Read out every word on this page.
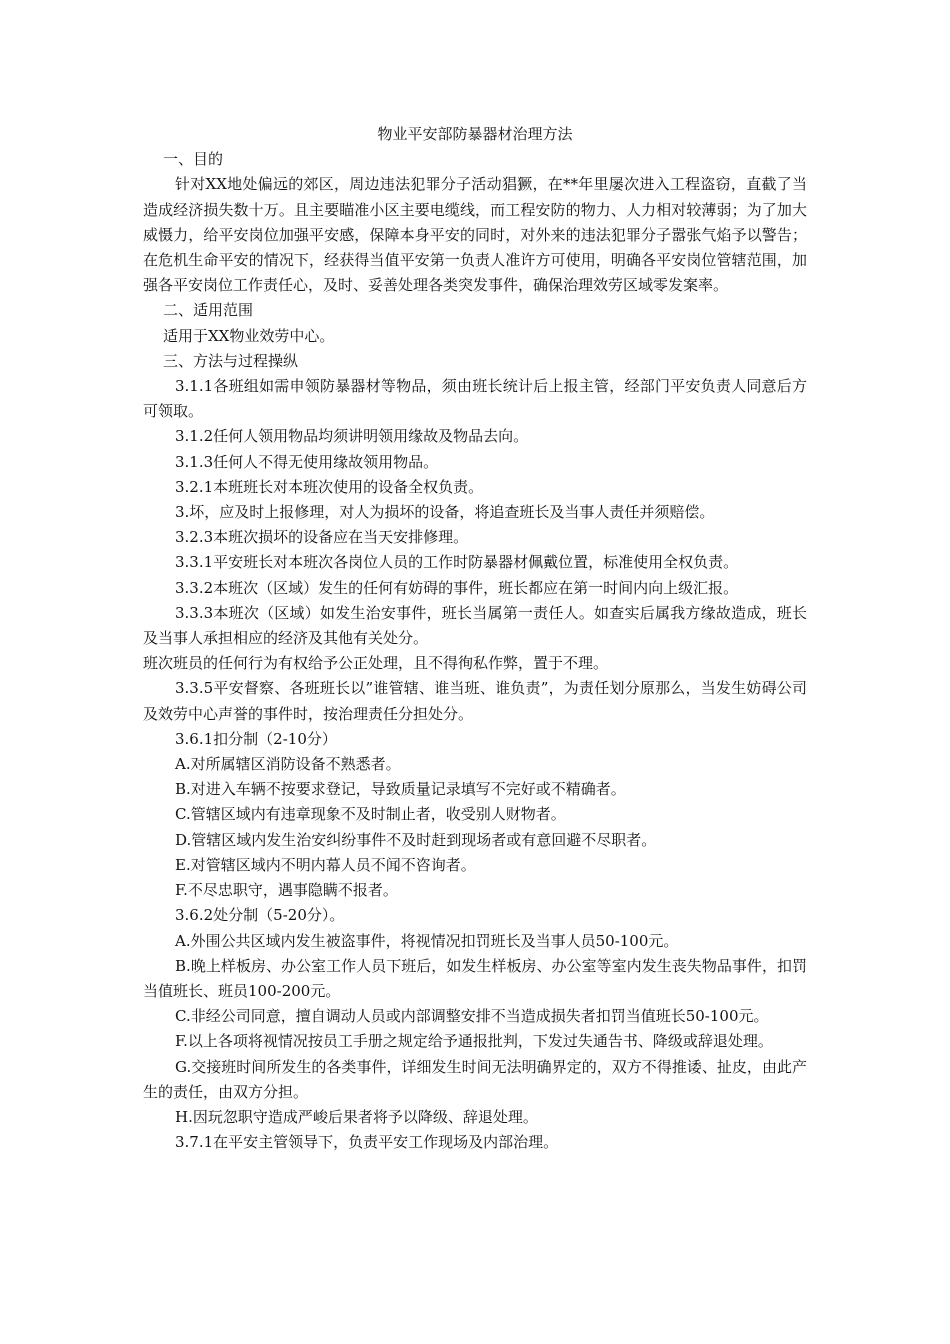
物业平安部防暴器材治理方法

一、目的

针对XX地处偏远的郊区，周边违法犯罪分子活动猖獗，在**年里屡次进入工程盗窃，直截了当造成经济损失数十万。且主要瞄准小区主要电缆线，而工程安防的物力、人力相对较薄弱；为了加大威慑力，给平安岗位加强平安感，保障本身平安的同时，对外来的违法犯罪分子嚣张气焰予以警告；在危机生命平安的情况下，经获得当值平安第一负责人准许方可使用，明确各平安岗位管辖范围，加强各平安岗位工作责任心，及时、妥善处理各类突发事件，确保治理效劳区域零发案率。

二、适用范围

适用于XX物业效劳中心。

三、方法与过程操纵

3.1.1各班组如需申领防暴器材等物品，须由班长统计后上报主管，经部门平安负责人同意后方可领取。

3.1.2任何人领用物品均须讲明领用缘故及物品去向。

3.1.3任何人不得无使用缘故领用物品。

3.2.1本班班长对本班次使用的设备全权负责。

3.坏，应及时上报修理，对人为损坏的设备，将追查班长及当事人责任并须赔偿。

3.2.3本班次损坏的设备应在当天安排修理。

3.3.1平安班长对本班次各岗位人员的工作时防暴器材佩戴位置，标准使用全权负责。

3.3.2本班次（区域）发生的任何有妨碍的事件，班长都应在第一时间内向上级汇报。

3.3.3本班次（区域）如发生治安事件，班长当属第一责任人。如查实后属我方缘故造成，班长及当事人承担相应的经济及其他有关处分。

班次班员的任何行为有权给予公正处理，且不得徇私作弊，置于不理。

3.3.5平安督察、各班班长以”谁管辖、谁当班、谁负责”，为责任划分原那么，当发生妨碍公司及效劳中心声誉的事件时，按治理责任分担处分。

3.6.1扣分制（2-10分）

A.对所属辖区消防设备不熟悉者。

B.对进入车辆不按要求登记，导致质量记录填写不完好或不精确者。

C.管辖区域内有违章现象不及时制止者，收受别人财物者。

D.管辖区域内发生治安纠纷事件不及时赶到现场者或有意回避不尽职者。

E.对管辖区域内不明内幕人员不闻不咨询者。

F.不尽忠职守，遇事隐瞒不报者。

3.6.2处分制（5-20分）。

A.外围公共区域内发生被盗事件，将视情况扣罚班长及当事人员50-100元。

B.晚上样板房、办公室工作人员下班后，如发生样板房、办公室等室内发生丧失物品事件，扣罚当值班长、班员100-200元。

C.非经公司同意，擅自调动人员或内部调整安排不当造成损失者扣罚当值班长50-100元。

F.以上各项将视情况按员工手册之规定给予通报批判，下发过失通告书、降级或辞退处理。

G.交接班时间所发生的各类事件，详细发生时间无法明确界定的，双方不得推诿、扯皮，由此产生的责任，由双方分担。

H.因玩忽职守造成严峻后果者将予以降级、辞退处理。

3.7.1在平安主管领导下，负责平安工作现场及内部治理。
